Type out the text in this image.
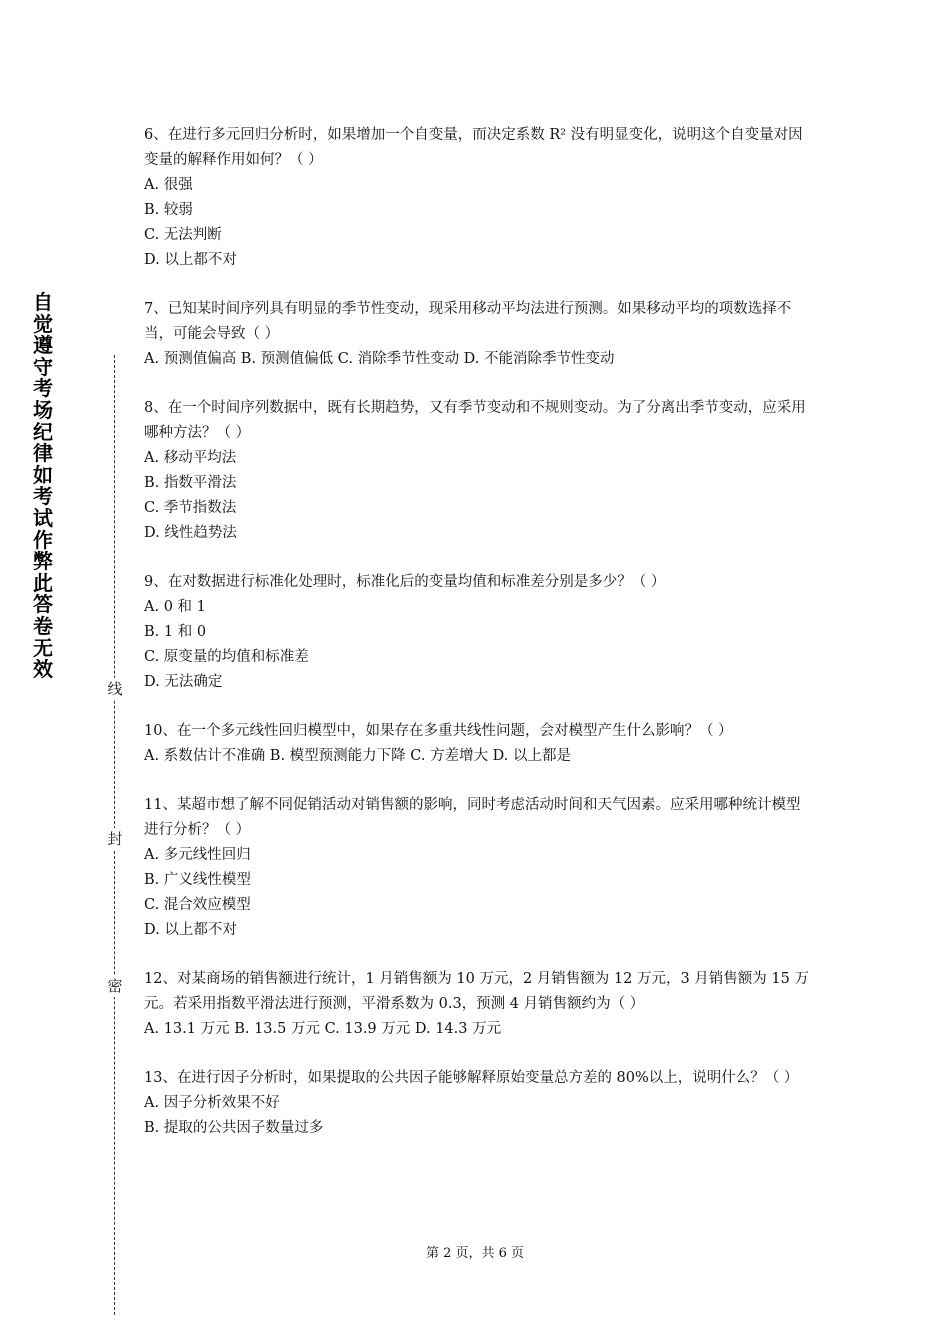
自觉遵守考场纪律如考试作弊此答卷无效
线
封
密
6、在进行多元回归分析时，如果增加一个自变量，而决定系数 R² 没有明显变化，说明这个自变量对因变量的解释作用如何？（ ）
A. 很强
B. 较弱
C. 无法判断
D. 以上都不对
7、已知某时间序列具有明显的季节性变动，现采用移动平均法进行预测。如果移动平均的项数选择不当，可能会导致（ ）
A. 预测值偏高 B. 预测值偏低 C. 消除季节性变动 D. 不能消除季节性变动
8、在一个时间序列数据中，既有长期趋势，又有季节变动和不规则变动。为了分离出季节变动，应采用哪种方法？（ ）
A. 移动平均法
B. 指数平滑法
C. 季节指数法
D. 线性趋势法
9、在对数据进行标准化处理时，标准化后的变量均值和标准差分别是多少？（ ）
A. 0 和 1
B. 1 和 0
C. 原变量的均值和标准差
D. 无法确定
10、在一个多元线性回归模型中，如果存在多重共线性问题，会对模型产生什么影响？（ ）
A. 系数估计不准确 B. 模型预测能力下降 C. 方差增大 D. 以上都是
11、某超市想了解不同促销活动对销售额的影响，同时考虑活动时间和天气因素。应采用哪种统计模型进行分析？（ ）
A. 多元线性回归
B. 广义线性模型
C. 混合效应模型
D. 以上都不对
12、对某商场的销售额进行统计，1 月销售额为 10 万元，2 月销售额为 12 万元，3 月销售额为 15 万元。若采用指数平滑法进行预测，平滑系数为 0.3，预测 4 月销售额约为（ ）
A. 13.1 万元 B. 13.5 万元 C. 13.9 万元 D. 14.3 万元
13、在进行因子分析时，如果提取的公共因子能够解释原始变量总方差的 80%以上，说明什么？（ ）
A. 因子分析效果不好
B. 提取的公共因子数量过多
第 2 页，共 6 页
